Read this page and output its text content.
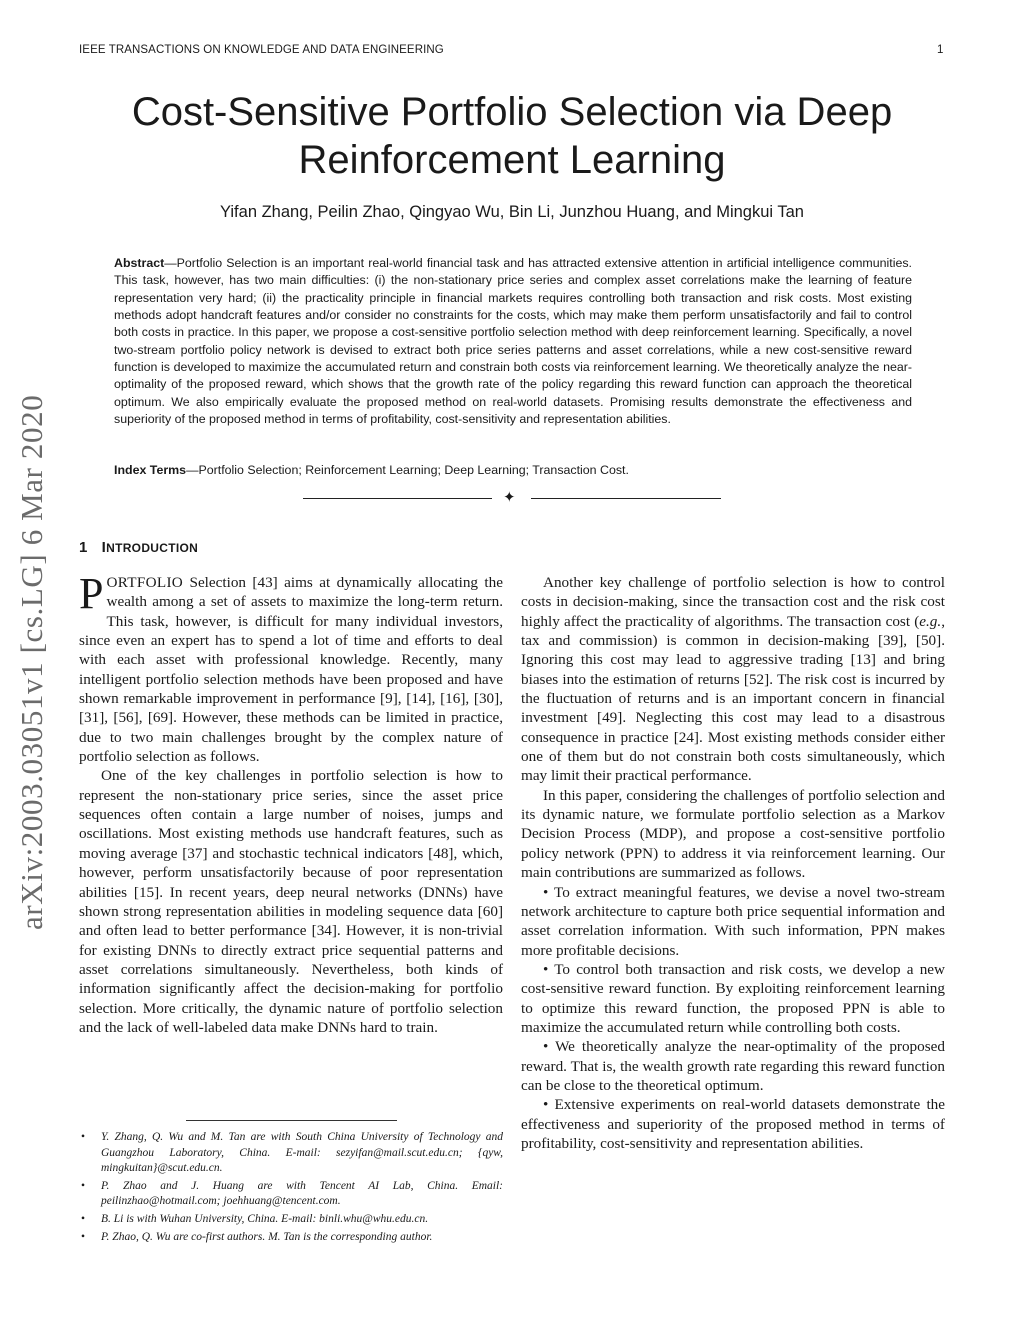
IEEE TRANSACTIONS ON KNOWLEDGE AND DATA ENGINEERING	1
arXiv:2003.03051v1 [cs.LG] 6 Mar 2020
Cost-Sensitive Portfolio Selection via Deep Reinforcement Learning
Yifan Zhang, Peilin Zhao, Qingyao Wu, Bin Li, Junzhou Huang, and Mingkui Tan

Abstract—Portfolio Selection is an important real-world financial task and has attracted extensive attention in artificial intelligence communities. This task, however, has two main difficulties: (i) the non-stationary price series and complex asset correlations make the learning of feature representation very hard; (ii) the practicality principle in financial markets requires controlling both transaction and risk costs. Most existing methods adopt handcraft features and/or consider no constraints for the costs, which may make them perform unsatisfactorily and fail to control both costs in practice. In this paper, we propose a cost-sensitive portfolio selection method with deep reinforcement learning. Specifically, a novel two-stream portfolio policy network is devised to extract both price series patterns and asset correlations, while a new cost-sensitive reward function is developed to maximize the accumulated return and constrain both costs via reinforcement learning. We theoretically analyze the near-optimality of the proposed reward, which shows that the growth rate of the policy regarding this reward function can approach the theoretical optimum. We also empirically evaluate the proposed method on real-world datasets. Promising results demonstrate the effectiveness and superiority of the proposed method in terms of profitability, cost-sensitivity and representation abilities.

Index Terms—Portfolio Selection; Reinforcement Learning; Deep Learning; Transaction Cost.

✦
1 INTRODUCTION

PORTFOLIO Selection [43] aims at dynamically allocating the wealth among a set of assets to maximize the long-term return. This task, however, is difficult for many individual investors, since even an expert has to spend a lot of time and efforts to deal with each asset with professional knowledge. Recently, many intelligent portfolio selection methods have been proposed and have shown remarkable improvement in performance [9], [14], [16], [30], [31], [56], [69]. However, these methods can be limited in practice, due to two main challenges brought by the complex nature of portfolio selection as follows.

One of the key challenges in portfolio selection is how to represent the non-stationary price series, since the asset price sequences often contain a large number of noises, jumps and oscillations. Most existing methods use handcraft features, such as moving average [37] and stochastic technical indicators [48], which, however, perform unsatisfactorily because of poor representation abilities [15]. In recent years, deep neural networks (DNNs) have shown strong representation abilities in modeling sequence data [60] and often lead to better performance [34]. However, it is non-trivial for existing DNNs to directly extract price sequential patterns and asset correlations simultaneously. Nevertheless, both kinds of information significantly affect the decision-making for portfolio selection. More critically, the dynamic nature of portfolio selection and the lack of well-labeled data make DNNs hard to train.

• Y. Zhang, Q. Wu and M. Tan are with South China University of Technology and Guangzhou Laboratory, China. E-mail: sezyifan@mail.scut.edu.cn; {qyw, mingkuitan}@scut.edu.cn.
• P. Zhao and J. Huang are with Tencent AI Lab, China. Email: peilinzhao@hotmail.com; joehhuang@tencent.com.
• B. Li is with Wuhan University, China. E-mail: binli.whu@whu.edu.cn.
• P. Zhao, Q. Wu are co-first authors. M. Tan is the corresponding author.

Another key challenge of portfolio selection is how to control costs in decision-making, since the transaction cost and the risk cost highly affect the practicality of algorithms. The transaction cost (e.g., tax and commission) is common in decision-making [39], [50]. Ignoring this cost may lead to aggressive trading [13] and bring biases into the estimation of returns [52]. The risk cost is incurred by the fluctuation of returns and is an important concern in financial investment [49]. Neglecting this cost may lead to a disastrous consequence in practice [24]. Most existing methods consider either one of them but do not constrain both costs simultaneously, which may limit their practical performance.

In this paper, considering the challenges of portfolio selection and its dynamic nature, we formulate portfolio selection as a Markov Decision Process (MDP), and propose a cost-sensitive portfolio policy network (PPN) to address it via reinforcement learning. Our main contributions are summarized as follows.

• To extract meaningful features, we devise a novel two-stream network architecture to capture both price sequential information and asset correlation information. With such information, PPN makes more profitable decisions.

• To control both transaction and risk costs, we develop a new cost-sensitive reward function. By exploiting reinforcement learning to optimize this reward function, the proposed PPN is able to maximize the accumulated return while controlling both costs.

• We theoretically analyze the near-optimality of the proposed reward. That is, the wealth growth rate regarding this reward function can be close to the theoretical optimum.

• Extensive experiments on real-world datasets demonstrate the effectiveness and superiority of the proposed method in terms of profitability, cost-sensitivity and representation abilities.
